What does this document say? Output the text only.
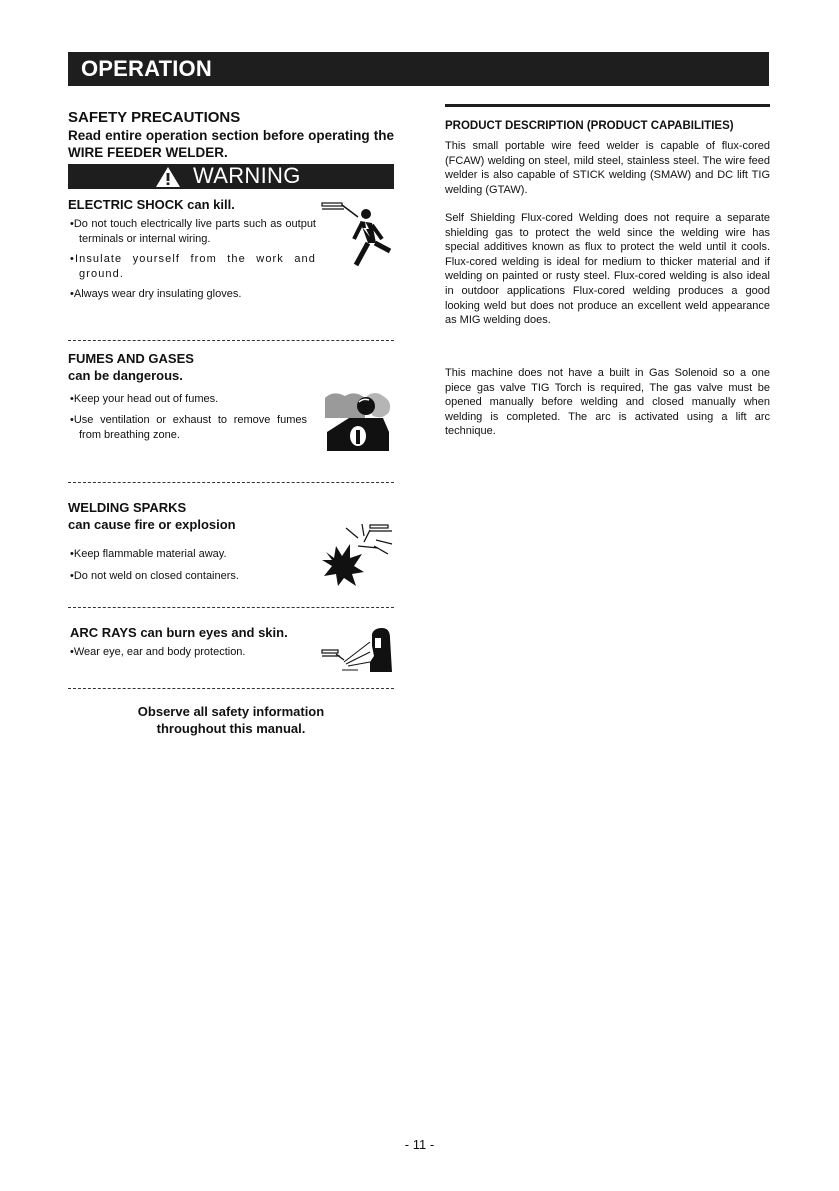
OPERATION
SAFETY PRECAUTIONS
Read entire operation section before operating the WIRE FEEDER WELDER.
WARNING
ELECTRIC SHOCK can kill.
• Do not touch electrically live parts such as output terminals or internal wiring.
• Insulate yourself from the work and ground.
• Always wear dry insulating gloves.
FUMES AND GASES
can be dangerous.
• Keep your head out of fumes.
• Use ventilation or exhaust to remove fumes from breathing zone.
WELDING SPARKS
can cause fire or explosion
• Keep flammable material away.
• Do not weld on closed containers.
ARC RAYS can burn eyes and skin.
• Wear eye, ear and body protection.
Observe all safety information
throughout this manual.
PRODUCT DESCRIPTION (PRODUCT CAPABILITIES)
This small portable wire feed welder is capable of flux-cored (FCAW) welding on steel, mild steel, stainless steel. The wire feed welder is also capable of STICK welding (SMAW) and DC lift TIG welding (GTAW).
Self Shielding Flux-cored Welding does not require a separate shielding gas to protect the weld since the welding wire has special additives known as flux to protect the weld until it cools. Flux-cored welding is ideal for medium to thicker material and if welding on painted or rusty steel. Flux-cored welding is also ideal in outdoor applications Flux-cored welding produces a good looking weld but does not produce an excellent weld appearance as MIG welding does.
This machine does not have a built in Gas Solenoid so a one piece gas valve TIG Torch is required, The gas valve must be opened manually before welding and closed manually when welding is completed. The arc is activated using a lift arc technique.
- 11 -
